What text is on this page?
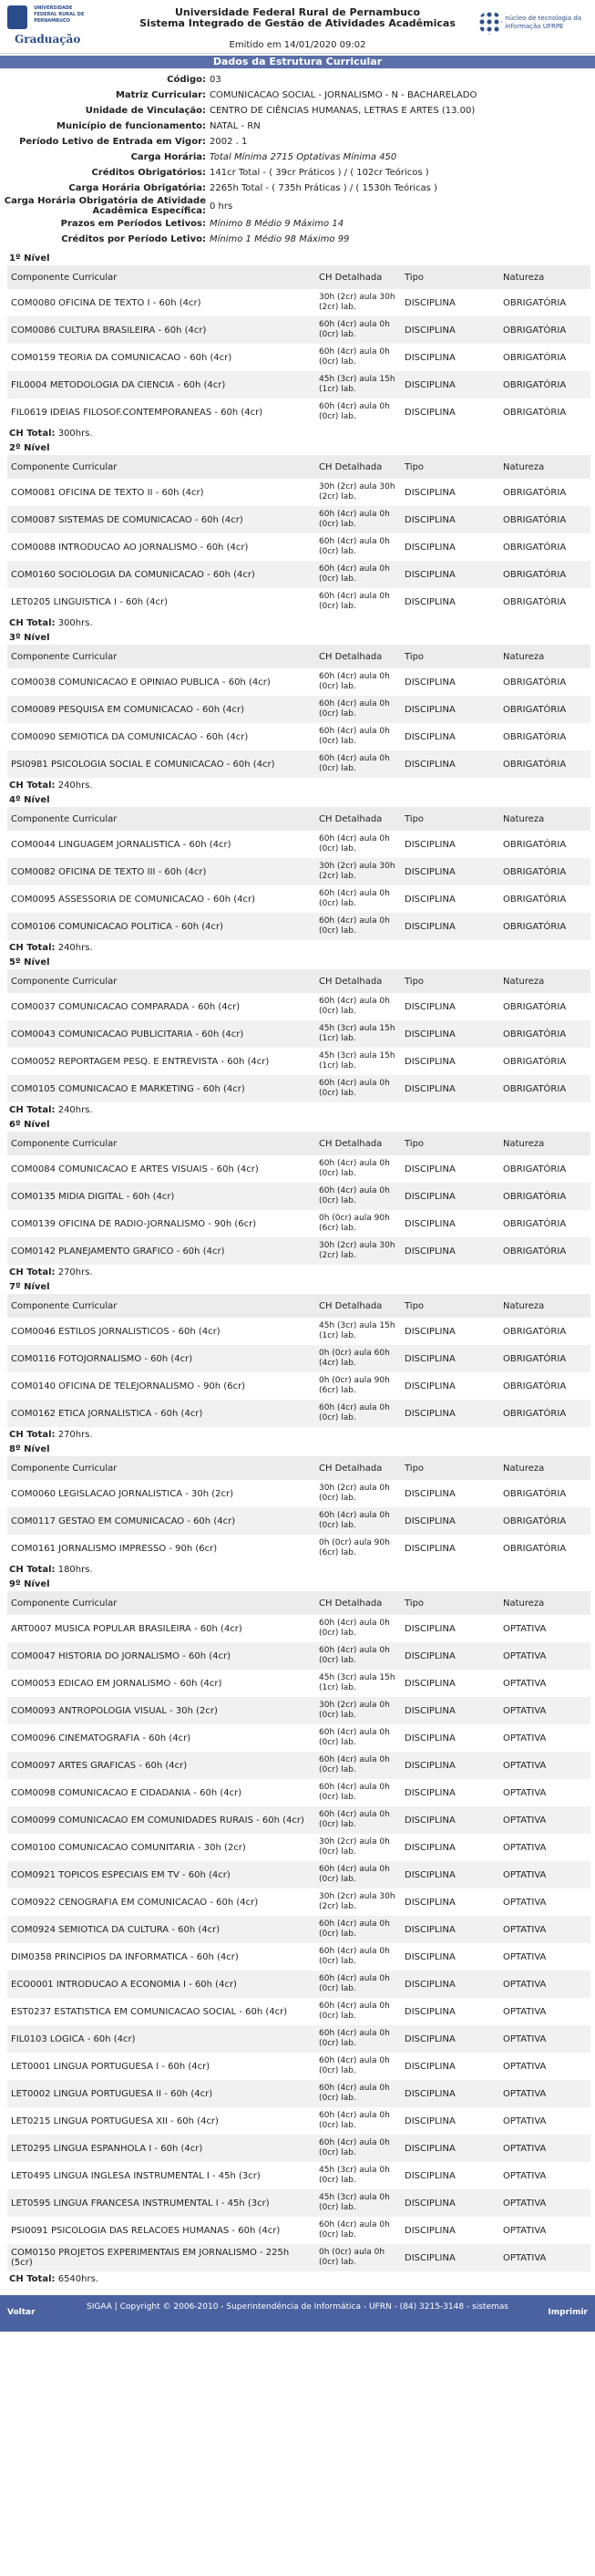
UNIVERSIDADE FEDERAL RURAL DE PERNAMBUCO
Graduação
Universidade Federal Rural de Pernambuco
Sistema Integrado de Gestão de Atividades Acadêmicas
Emitido em 14/01/2020 09:02
núcleo de tecnologia da informação UFRPE
Dados da Estrutura Curricular
Código: 03
Matriz Curricular: COMUNICACAO SOCIAL - JORNALISMO - N - BACHARELADO
Unidade de Vinculação: CENTRO DE CIÊNCIAS HUMANAS, LETRAS E ARTES (13.00)
Município de funcionamento: NATAL - RN
Período Letivo de Entrada em Vigor: 2002 . 1
Carga Horária: Total Mínima 2715 Optativas Mínima 450
Créditos Obrigatórios: 141cr Total - ( 39cr Práticos ) / ( 102cr Teóricos )
Carga Horária Obrigatória: 2265h Total - ( 735h Práticas ) / ( 1530h Teóricas )
Carga Horária Obrigatória de Atividade Acadêmica Específica: 0 hrs
Prazos em Períodos Letivos: Mínimo 8 Médio 9 Máximo 14
Créditos por Período Letivo: Mínimo 1 Médio 98 Máximo 99
1º Nível
Componente Curricular	CH Detalhada	Tipo	Natureza
COM0080 OFICINA DE TEXTO I - 60h (4cr)	30h (2cr) aula 30h (2cr) lab.	DISCIPLINA	OBRIGATÓRIA
COM0086 CULTURA BRASILEIRA - 60h (4cr)	60h (4cr) aula 0h (0cr) lab.	DISCIPLINA	OBRIGATÓRIA
COM0159 TEORIA DA COMUNICACAO - 60h (4cr)	60h (4cr) aula 0h (0cr) lab.	DISCIPLINA	OBRIGATÓRIA
FIL0004 METODOLOGIA DA CIENCIA - 60h (4cr)	45h (3cr) aula 15h (1cr) lab.	DISCIPLINA	OBRIGATÓRIA
FIL0619 IDEIAS FILOSOF.CONTEMPORANEAS - 60h (4cr)	60h (4cr) aula 0h (0cr) lab.	DISCIPLINA	OBRIGATÓRIA
CH Total: 300hrs.
2º Nível
Componente Curricular	CH Detalhada	Tipo	Natureza
COM0081 OFICINA DE TEXTO II - 60h (4cr)	30h (2cr) aula 30h (2cr) lab.	DISCIPLINA	OBRIGATÓRIA
COM0087 SISTEMAS DE COMUNICACAO - 60h (4cr)	60h (4cr) aula 0h (0cr) lab.	DISCIPLINA	OBRIGATÓRIA
COM0088 INTRODUCAO AO JORNALISMO - 60h (4cr)	60h (4cr) aula 0h (0cr) lab.	DISCIPLINA	OBRIGATÓRIA
COM0160 SOCIOLOGIA DA COMUNICACAO - 60h (4cr)	60h (4cr) aula 0h (0cr) lab.	DISCIPLINA	OBRIGATÓRIA
LET0205 LINGUISTICA I - 60h (4cr)	60h (4cr) aula 0h (0cr) lab.	DISCIPLINA	OBRIGATÓRIA
CH Total: 300hrs.
3º Nível
Componente Curricular	CH Detalhada	Tipo	Natureza
COM0038 COMUNICACAO E OPINIAO PUBLICA - 60h (4cr)	60h (4cr) aula 0h (0cr) lab.	DISCIPLINA	OBRIGATÓRIA
COM0089 PESQUISA EM COMUNICACAO - 60h (4cr)	60h (4cr) aula 0h (0cr) lab.	DISCIPLINA	OBRIGATÓRIA
COM0090 SEMIOTICA DA COMUNICACAO - 60h (4cr)	60h (4cr) aula 0h (0cr) lab.	DISCIPLINA	OBRIGATÓRIA
PSI0981 PSICOLOGIA SOCIAL E COMUNICACAO - 60h (4cr)	60h (4cr) aula 0h (0cr) lab.	DISCIPLINA	OBRIGATÓRIA
CH Total: 240hrs.
4º Nível
Componente Curricular	CH Detalhada	Tipo	Natureza
COM0044 LINGUAGEM JORNALISTICA - 60h (4cr)	60h (4cr) aula 0h (0cr) lab.	DISCIPLINA	OBRIGATÓRIA
COM0082 OFICINA DE TEXTO III - 60h (4cr)	30h (2cr) aula 30h (2cr) lab.	DISCIPLINA	OBRIGATÓRIA
COM0095 ASSESSORIA DE COMUNICACAO - 60h (4cr)	60h (4cr) aula 0h (0cr) lab.	DISCIPLINA	OBRIGATÓRIA
COM0106 COMUNICACAO POLITICA - 60h (4cr)	60h (4cr) aula 0h (0cr) lab.	DISCIPLINA	OBRIGATÓRIA
CH Total: 240hrs.
5º Nível
Componente Curricular	CH Detalhada	Tipo	Natureza
COM0037 COMUNICACAO COMPARADA - 60h (4cr)	60h (4cr) aula 0h (0cr) lab.	DISCIPLINA	OBRIGATÓRIA
COM0043 COMUNICACAO PUBLICITARIA - 60h (4cr)	45h (3cr) aula 15h (1cr) lab.	DISCIPLINA	OBRIGATÓRIA
COM0052 REPORTAGEM PESQ. E ENTREVISTA - 60h (4cr)	45h (3cr) aula 15h (1cr) lab.	DISCIPLINA	OBRIGATÓRIA
COM0105 COMUNICACAO E MARKETING - 60h (4cr)	60h (4cr) aula 0h (0cr) lab.	DISCIPLINA	OBRIGATÓRIA
CH Total: 240hrs.
6º Nível
Componente Curricular	CH Detalhada	Tipo	Natureza
COM0084 COMUNICACAO E ARTES VISUAIS - 60h (4cr)	60h (4cr) aula 0h (0cr) lab.	DISCIPLINA	OBRIGATÓRIA
COM0135 MIDIA DIGITAL - 60h (4cr)	60h (4cr) aula 0h (0cr) lab.	DISCIPLINA	OBRIGATÓRIA
COM0139 OFICINA DE RADIO-JORNALISMO - 90h (6cr)	0h (0cr) aula 90h (6cr) lab.	DISCIPLINA	OBRIGATÓRIA
COM0142 PLANEJAMENTO GRAFICO - 60h (4cr)	30h (2cr) aula 30h (2cr) lab.	DISCIPLINA	OBRIGATÓRIA
CH Total: 270hrs.
7º Nível
Componente Curricular	CH Detalhada	Tipo	Natureza
COM0046 ESTILOS JORNALISTICOS - 60h (4cr)	45h (3cr) aula 15h (1cr) lab.	DISCIPLINA	OBRIGATÓRIA
COM0116 FOTOJORNALISMO - 60h (4cr)	0h (0cr) aula 60h (4cr) lab.	DISCIPLINA	OBRIGATÓRIA
COM0140 OFICINA DE TELEJORNALISMO - 90h (6cr)	0h (0cr) aula 90h (6cr) lab.	DISCIPLINA	OBRIGATÓRIA
COM0162 ETICA JORNALISTICA - 60h (4cr)	60h (4cr) aula 0h (0cr) lab.	DISCIPLINA	OBRIGATÓRIA
CH Total: 270hrs.
8º Nível
Componente Curricular	CH Detalhada	Tipo	Natureza
COM0060 LEGISLACAO JORNALISTICA - 30h (2cr)	30h (2cr) aula 0h (0cr) lab.	DISCIPLINA	OBRIGATÓRIA
COM0117 GESTAO EM COMUNICACAO - 60h (4cr)	60h (4cr) aula 0h (0cr) lab.	DISCIPLINA	OBRIGATÓRIA
COM0161 JORNALISMO IMPRESSO - 90h (6cr)	0h (0cr) aula 90h (6cr) lab.	DISCIPLINA	OBRIGATÓRIA
CH Total: 180hrs.
9º Nível
Componente Curricular	CH Detalhada	Tipo	Natureza
ART0007 MUSICA POPULAR BRASILEIRA - 60h (4cr)	60h (4cr) aula 0h (0cr) lab.	DISCIPLINA	OPTATIVA
COM0047 HISTORIA DO JORNALISMO - 60h (4cr)	60h (4cr) aula 0h (0cr) lab.	DISCIPLINA	OPTATIVA
COM0053 EDICAO EM JORNALISMO - 60h (4cr)	45h (3cr) aula 15h (1cr) lab.	DISCIPLINA	OPTATIVA
COM0093 ANTROPOLOGIA VISUAL - 30h (2cr)	30h (2cr) aula 0h (0cr) lab.	DISCIPLINA	OPTATIVA
COM0096 CINEMATOGRAFIA - 60h (4cr)	60h (4cr) aula 0h (0cr) lab.	DISCIPLINA	OPTATIVA
COM0097 ARTES GRAFICAS - 60h (4cr)	60h (4cr) aula 0h (0cr) lab.	DISCIPLINA	OPTATIVA
COM0098 COMUNICACAO E CIDADANIA - 60h (4cr)	60h (4cr) aula 0h (0cr) lab.	DISCIPLINA	OPTATIVA
COM0099 COMUNICACAO EM COMUNIDADES RURAIS - 60h (4cr)	60h (4cr) aula 0h (0cr) lab.	DISCIPLINA	OPTATIVA
COM0100 COMUNICACAO COMUNITARIA - 30h (2cr)	30h (2cr) aula 0h (0cr) lab.	DISCIPLINA	OPTATIVA
COM0921 TOPICOS ESPECIAIS EM TV - 60h (4cr)	60h (4cr) aula 0h (0cr) lab.	DISCIPLINA	OPTATIVA
COM0922 CENOGRAFIA EM COMUNICACAO - 60h (4cr)	30h (2cr) aula 30h (2cr) lab.	DISCIPLINA	OPTATIVA
COM0924 SEMIOTICA DA CULTURA - 60h (4cr)	60h (4cr) aula 0h (0cr) lab.	DISCIPLINA	OPTATIVA
DIM0358 PRINCIPIOS DA INFORMATICA - 60h (4cr)	60h (4cr) aula 0h (0cr) lab.	DISCIPLINA	OPTATIVA
ECO0001 INTRODUCAO A ECONOMIA I - 60h (4cr)	60h (4cr) aula 0h (0cr) lab.	DISCIPLINA	OPTATIVA
EST0237 ESTATISTICA EM COMUNICACAO SOCIAL - 60h (4cr)	60h (4cr) aula 0h (0cr) lab.	DISCIPLINA	OPTATIVA
FIL0103 LOGICA - 60h (4cr)	60h (4cr) aula 0h (0cr) lab.	DISCIPLINA	OPTATIVA
LET0001 LINGUA PORTUGUESA I - 60h (4cr)	60h (4cr) aula 0h (0cr) lab.	DISCIPLINA	OPTATIVA
LET0002 LINGUA PORTUGUESA II - 60h (4cr)	60h (4cr) aula 0h (0cr) lab.	DISCIPLINA	OPTATIVA
LET0215 LINGUA PORTUGUESA XII - 60h (4cr)	60h (4cr) aula 0h (0cr) lab.	DISCIPLINA	OPTATIVA
LET0295 LINGUA ESPANHOLA I - 60h (4cr)	60h (4cr) aula 0h (0cr) lab.	DISCIPLINA	OPTATIVA
LET0495 LINGUA INGLESA INSTRUMENTAL I - 45h (3cr)	45h (3cr) aula 0h (0cr) lab.	DISCIPLINA	OPTATIVA
LET0595 LINGUA FRANCESA INSTRUMENTAL I - 45h (3cr)	45h (3cr) aula 0h (0cr) lab.	DISCIPLINA	OPTATIVA
PSI0091 PSICOLOGIA DAS RELACOES HUMANAS - 60h (4cr)	60h (4cr) aula 0h (0cr) lab.	DISCIPLINA	OPTATIVA
COM0150 PROJETOS EXPERIMENTAIS EM JORNALISMO - 225h (5cr)	0h (0cr) aula 0h (0cr) lab.	DISCIPLINA	OPTATIVA
CH Total: 6540hrs.
Voltar
SIGAA | Copyright © 2006-2010 - Superintendência de Informática - UFRN - (84) 3215-3148 - sistemas
Imprimir
